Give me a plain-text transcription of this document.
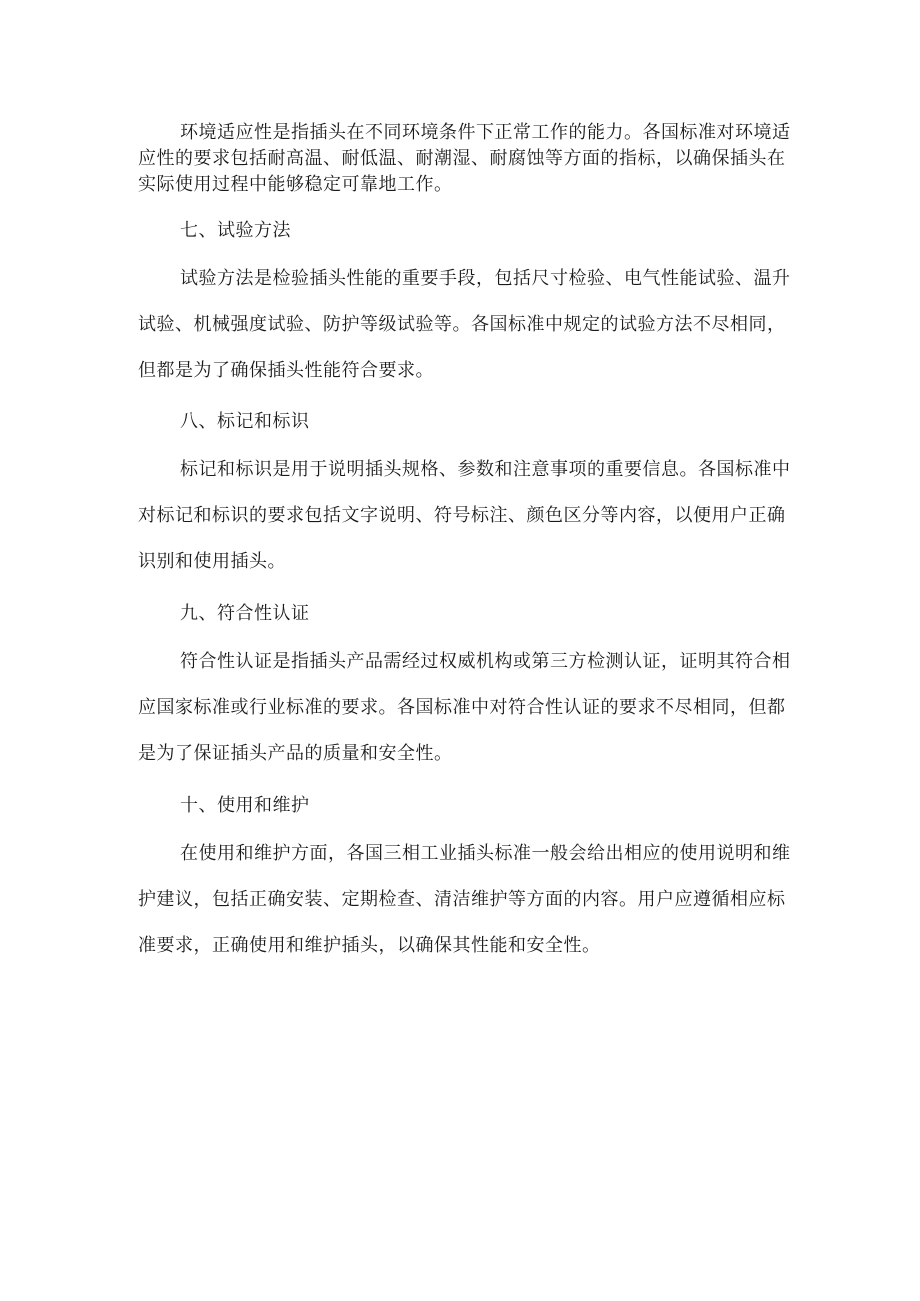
环境适应性是指插头在不同环境条件下正常工作的能力。各国标准对环境适应性的要求包括耐高温、耐低温、耐潮湿、耐腐蚀等方面的指标，以确保插头在实际使用过程中能够稳定可靠地工作。

七、试验方法

试验方法是检验插头性能的重要手段，包括尺寸检验、电气性能试验、温升试验、机械强度试验、防护等级试验等。各国标准中规定的试验方法不尽相同，但都是为了确保插头性能符合要求。

八、标记和标识

标记和标识是用于说明插头规格、参数和注意事项的重要信息。各国标准中对标记和标识的要求包括文字说明、符号标注、颜色区分等内容，以便用户正确识别和使用插头。

九、符合性认证

符合性认证是指插头产品需经过权威机构或第三方检测认证，证明其符合相应国家标准或行业标准的要求。各国标准中对符合性认证的要求不尽相同，但都是为了保证插头产品的质量和安全性。

十、使用和维护

在使用和维护方面，各国三相工业插头标准一般会给出相应的使用说明和维护建议，包括正确安装、定期检查、清洁维护等方面的内容。用户应遵循相应标准要求，正确使用和维护插头，以确保其性能和安全性。
